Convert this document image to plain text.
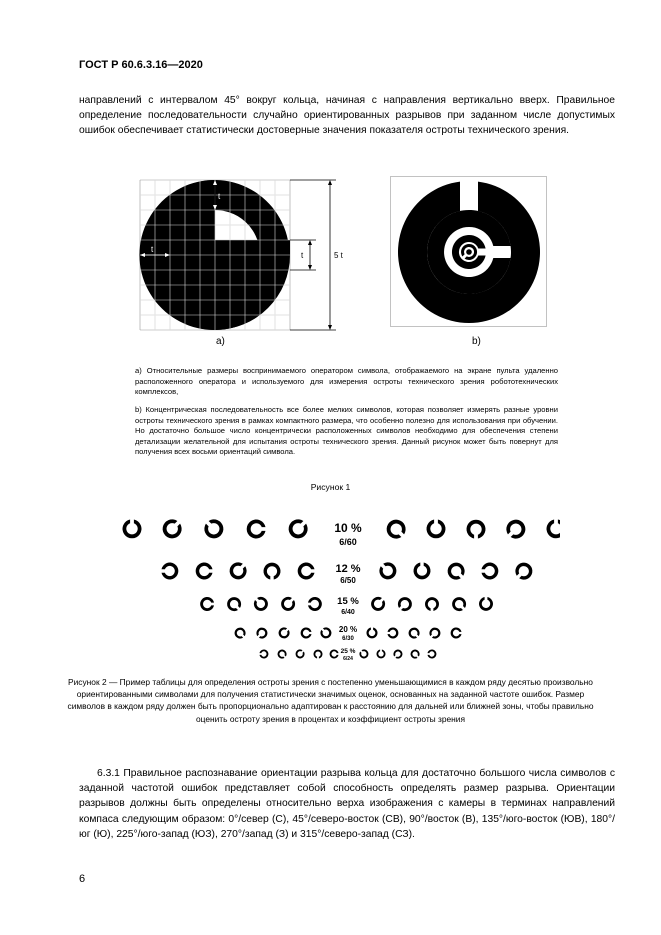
ГОСТ Р 60.6.3.16—2020
направлений с интервалом 45° вокруг кольца, начиная с направления вертикально вверх. Правильное определение последовательности случайно ориентированных разрывов при заданном числе допустимых ошибок обеспечивает статистически достоверные значения показателя остроты технического зрения.
t
t
t	5 t
a)	b)
а) Относительные размеры воспринимаемого оператором символа, отображаемого на экране пульта удаленно расположенного оператора и используемого для измерения остроты технического зрения робототехнических комплексов,
b) Концентрическая последовательность все более мелких символов, которая позволяет измерять разные уровни остроты технического зрения в рамках компактного размера, что особенно полезно для использования при обучении. Но достаточно большое число концентрически расположенных символов необходимо для обеспечения степени детализации желательной для испытания остроты технического зрения. Данный рисунок может быть повернут для получения всех восьми ориентаций символа.
Рисунок 1
10 %
6/60
12 %
6/50
15 %
6/40
20 %
6/30
25 %
6/24
Рисунок 2 — Пример таблицы для определения остроты зрения с постепенно уменьшающимися в каждом ряду десятью произвольно ориентированными символами для получения статистически значимых оценок, основанных на заданной частоте ошибок. Размер символов в каждом ряду должен быть пропорционально адаптирован к расстоянию для дальней или ближней зоны, чтобы правильно оценить остроту зрения в процентах и коэффициент остроты зрения
6.3.1 Правильное распознавание ориентации разрыва кольца для достаточно большого числа символов с заданной частотой ошибок представляет собой способность определять размер разрыва. Ориентации разрывов должны быть определены относительно верха изображения с камеры в терминах направлений компаса следующим образом: 0°/север (С), 45°/северо-восток (СВ), 90°/восток (В), 135°/юго-восток (ЮВ), 180°/юг (Ю), 225°/юго-запад (ЮЗ), 270°/запад (З) и 315°/северо-запад (СЗ).
6
